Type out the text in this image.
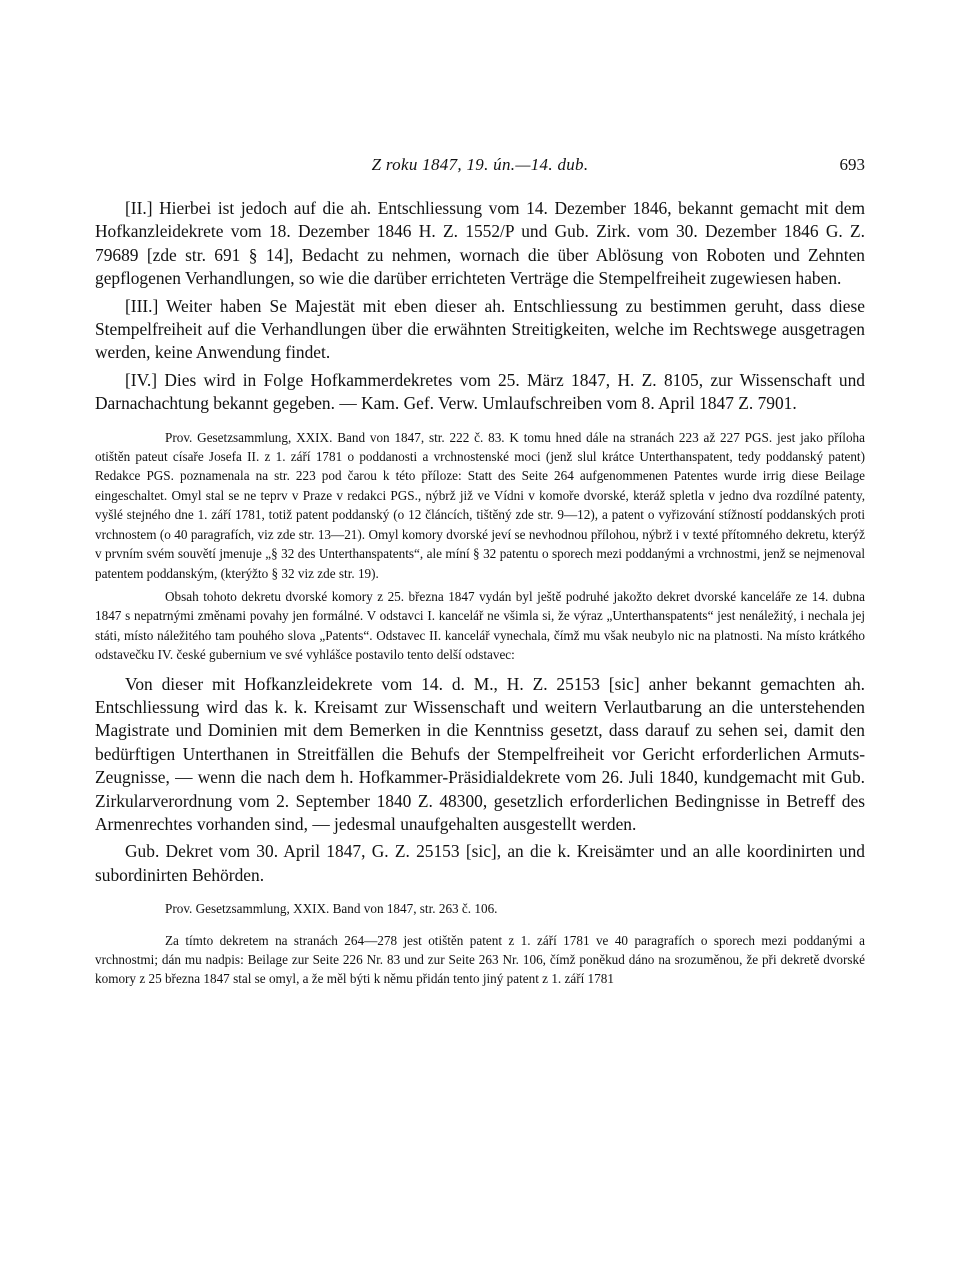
Z roku 1847, 19. ún.—14. dub.	693

[II.] Hierbei ist jedoch auf die ah. Entschliessung vom 14. Dezember 1846, bekannt gemacht mit dem Hofkanzleidekrete vom 18. Dezember 1846 H. Z. 1552/P und Gub. Zirk. vom 30. Dezember 1846 G. Z. 79689 [zde str. 691 § 14], Bedacht zu nehmen, wornach die über Ablösung von Roboten und Zehnten gepflogenen Verhandlungen, so wie die darüber errichteten Verträge die Stempelfreiheit zugewiesen haben.

[III.] Weiter haben Se Majestät mit eben dieser ah. Entschliessung zu bestimmen geruht, dass diese Stempelfreiheit auf die Verhandlungen über die erwähnten Streitigkeiten, welche im Rechtswege ausgetragen werden, keine Anwendung findet.

[IV.] Dies wird in Folge Hofkammerdekretes vom 25. März 1847, H. Z. 8105, zur Wissenschaft und Darnachachtung bekannt gegeben. — Kam. Gef. Verw. Umlaufschreiben vom 8. April 1847 Z. 7901.

Prov. Gesetzsammlung, XXIX. Band von 1847, str. 222 č. 83. K tomu hned dále na stranách 223 až 227 PGS. jest jako příloha otištěn pateut císaře Josefa II. z 1. září 1781 o poddanosti a vrchnostenské moci (jenž slul krátce Unterthanspatent, tedy poddanský patent) Redakce PGS. poznamenala na str. 223 pod čarou k této příloze: Statt des Seite 264 aufgenommenen Patentes wurde irrig diese Beilage eingeschaltet. Omyl stal se ne teprv v Praze v redakci PGS., nýbrž již ve Vídni v komoře dvorské, kteráž spletla v jedno dva rozdílné patenty, vyšlé stejného dne 1. září 1781, totiž patent poddanský (o 12 článcích, tištěný zde str. 9—12), a patent o vyřizování stížností poddanských proti vrchnostem (o 40 paragrafích, viz zde str. 13—21). Omyl komory dvorské jeví se nevhodnou přílohou, nýbrž i v texté přítomného dekretu, kterýž v prvním svém souvětí jmenuje „§ 32 des Unterthanspatents“, ale míní § 32 patentu o sporech mezi poddanými a vrchnostmi, jenž se nejmenoval patentem poddanským, (kterýžto § 32 viz zde str. 19).

Obsah tohoto dekretu dvorské komory z 25. března 1847 vydán byl ještě podruhé jakožto dekret dvorské kanceláře ze 14. dubna 1847 s nepatrnými změnami povahy jen formálné. V odstavci I. kancelář ne všimla si, že výraz „Unterthanspatents“ jest nenáležitý, i nechala jej státi, místo náležitého tam pouhého slova „Patents“. Odstavec II. kancelář vynechala, čímž mu však neubylo nic na platnosti. Na místo krátkého odstavečku IV. české gubernium ve své vyhlášce postavilo tento delší odstavec:

Von dieser mit Hofkanzleidekrete vom 14. d. M., H. Z. 25153 [sic] anher bekannt gemachten ah. Entschliessung wird das k. k. Kreisamt zur Wissenschaft und weitern Verlautbarung an die unterstehenden Magistrate und Dominien mit dem Bemerken in die Kenntniss gesetzt, dass darauf zu sehen sei, damit den bedürftigen Unterthanen in Streitfällen die Behufs der Stempelfreiheit vor Gericht erforderlichen Armuts-Zeugnisse, — wenn die nach dem h. Hofkammer-Präsidialdekrete vom 26. Juli 1840, kundgemacht mit Gub. Zirkularverordnung vom 2. September 1840 Z. 48300, gesetzlich erforderlichen Bedingnisse in Betreff des Armenrechtes vorhanden sind, — jedesmal unaufgehalten ausgestellt werden.

Gub. Dekret vom 30. April 1847, G. Z. 25153 [sic], an die k. Kreisämter und an alle koordinirten und subordinirten Behörden.

Prov. Gesetzsammlung, XXIX. Band von 1847, str. 263 č. 106.

Za tímto dekretem na stranách 264—278 jest otištěn patent z 1. září 1781 ve 40 paragrafích o sporech mezi poddanými a vrchnostmi; dán mu nadpis: Beilage zur Seite 226 Nr. 83 und zur Seite 263 Nr. 106, čímž poněkud dáno na srozuměnou, že při dekretě dvorské komory z 25 března 1847 stal se omyl, a že měl býti k němu přidán tento jiný patent z 1. září 1781
